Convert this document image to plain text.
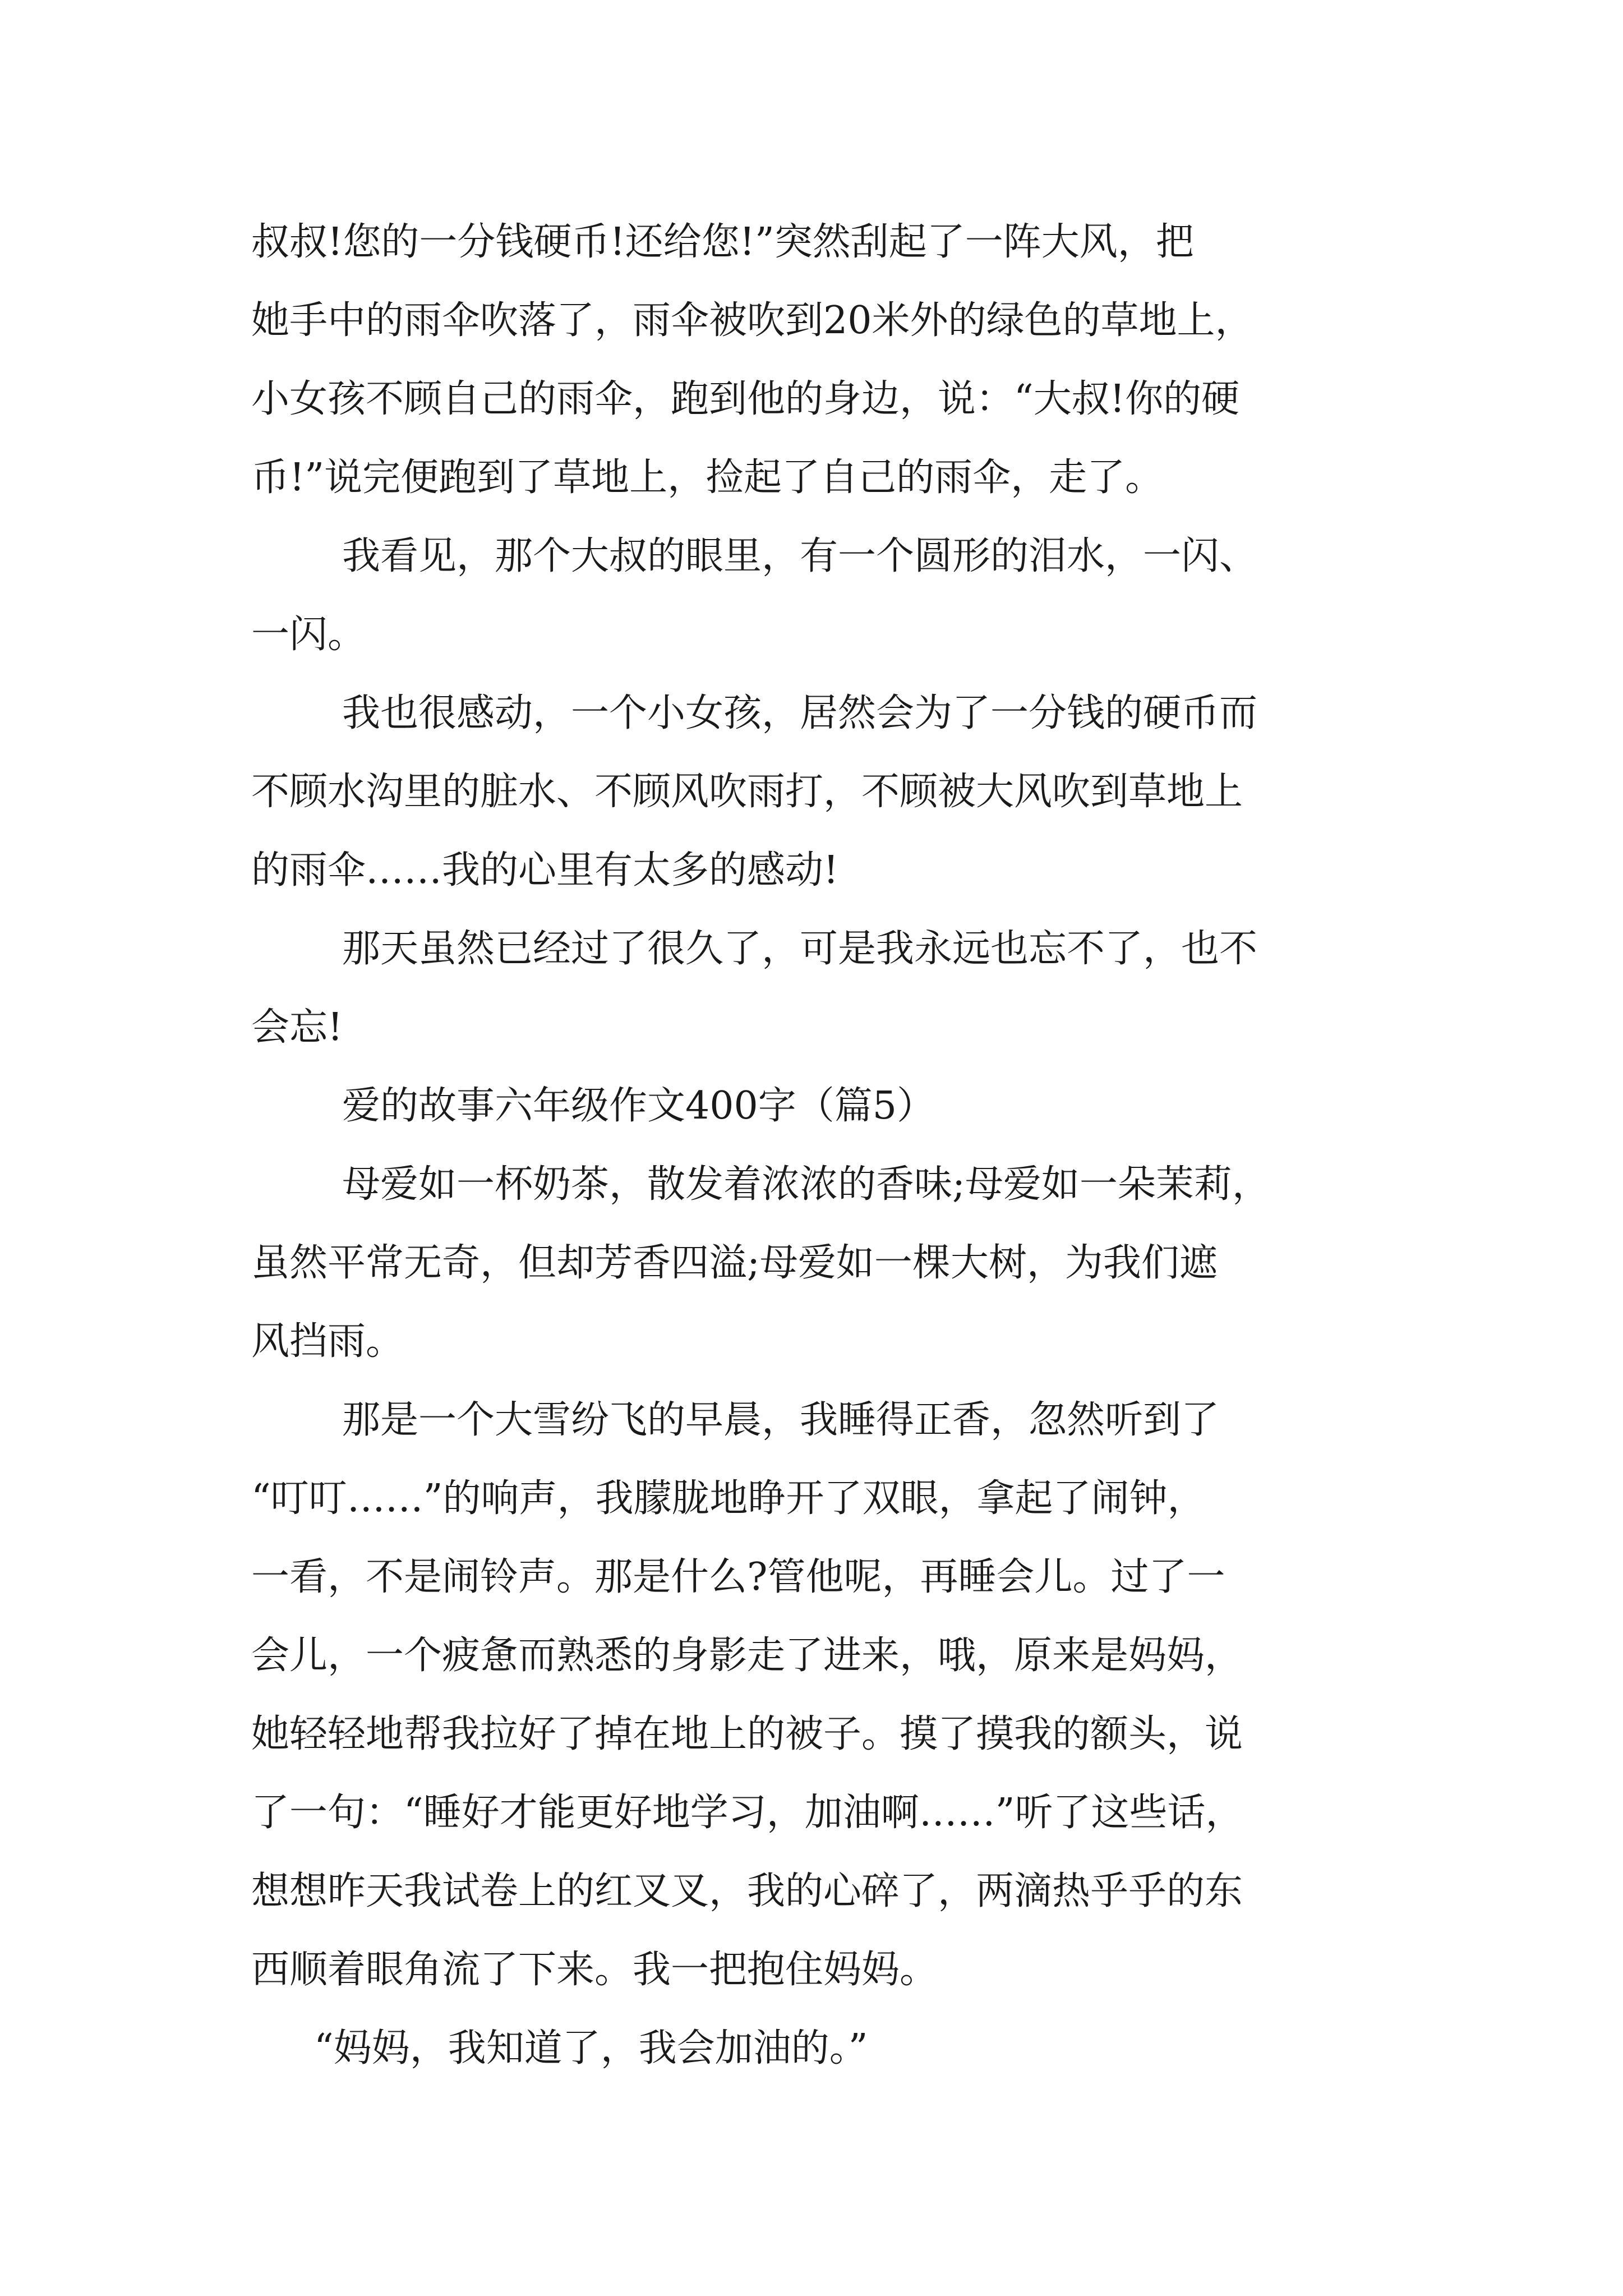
叔叔!您的一分钱硬币!还给您!”突然刮起了一阵大风，把
她手中的雨伞吹落了，雨伞被吹到20米外的绿色的草地上，
小女孩不顾自己的雨伞，跑到他的身边，说：“大叔!你的硬
币!”说完便跑到了草地上，捡起了自己的雨伞，走了。
我看见，那个大叔的眼里，有一个圆形的泪水，一闪、
一闪。
我也很感动，一个小女孩，居然会为了一分钱的硬币而
不顾水沟里的脏水、不顾风吹雨打，不顾被大风吹到草地上
的雨伞……我的心里有太多的感动!
那天虽然已经过了很久了，可是我永远也忘不了，也不
会忘!
爱的故事六年级作文400字（篇5）
母爱如一杯奶茶，散发着浓浓的香味;母爱如一朵茉莉，
虽然平常无奇，但却芳香四溢;母爱如一棵大树，为我们遮
风挡雨。
那是一个大雪纷飞的早晨，我睡得正香，忽然听到了
“叮叮……”的响声，我朦胧地睁开了双眼，拿起了闹钟，
一看，不是闹铃声。那是什么?管他呢，再睡会儿。过了一
会儿，一个疲惫而熟悉的身影走了进来，哦，原来是妈妈，
她轻轻地帮我拉好了掉在地上的被子。摸了摸我的额头，说
了一句：“睡好才能更好地学习，加油啊……”听了这些话，
想想昨天我试卷上的红叉叉，我的心碎了，两滴热乎乎的东
西顺着眼角流了下来。我一把抱住妈妈。
“妈妈，我知道了，我会加油的。”
